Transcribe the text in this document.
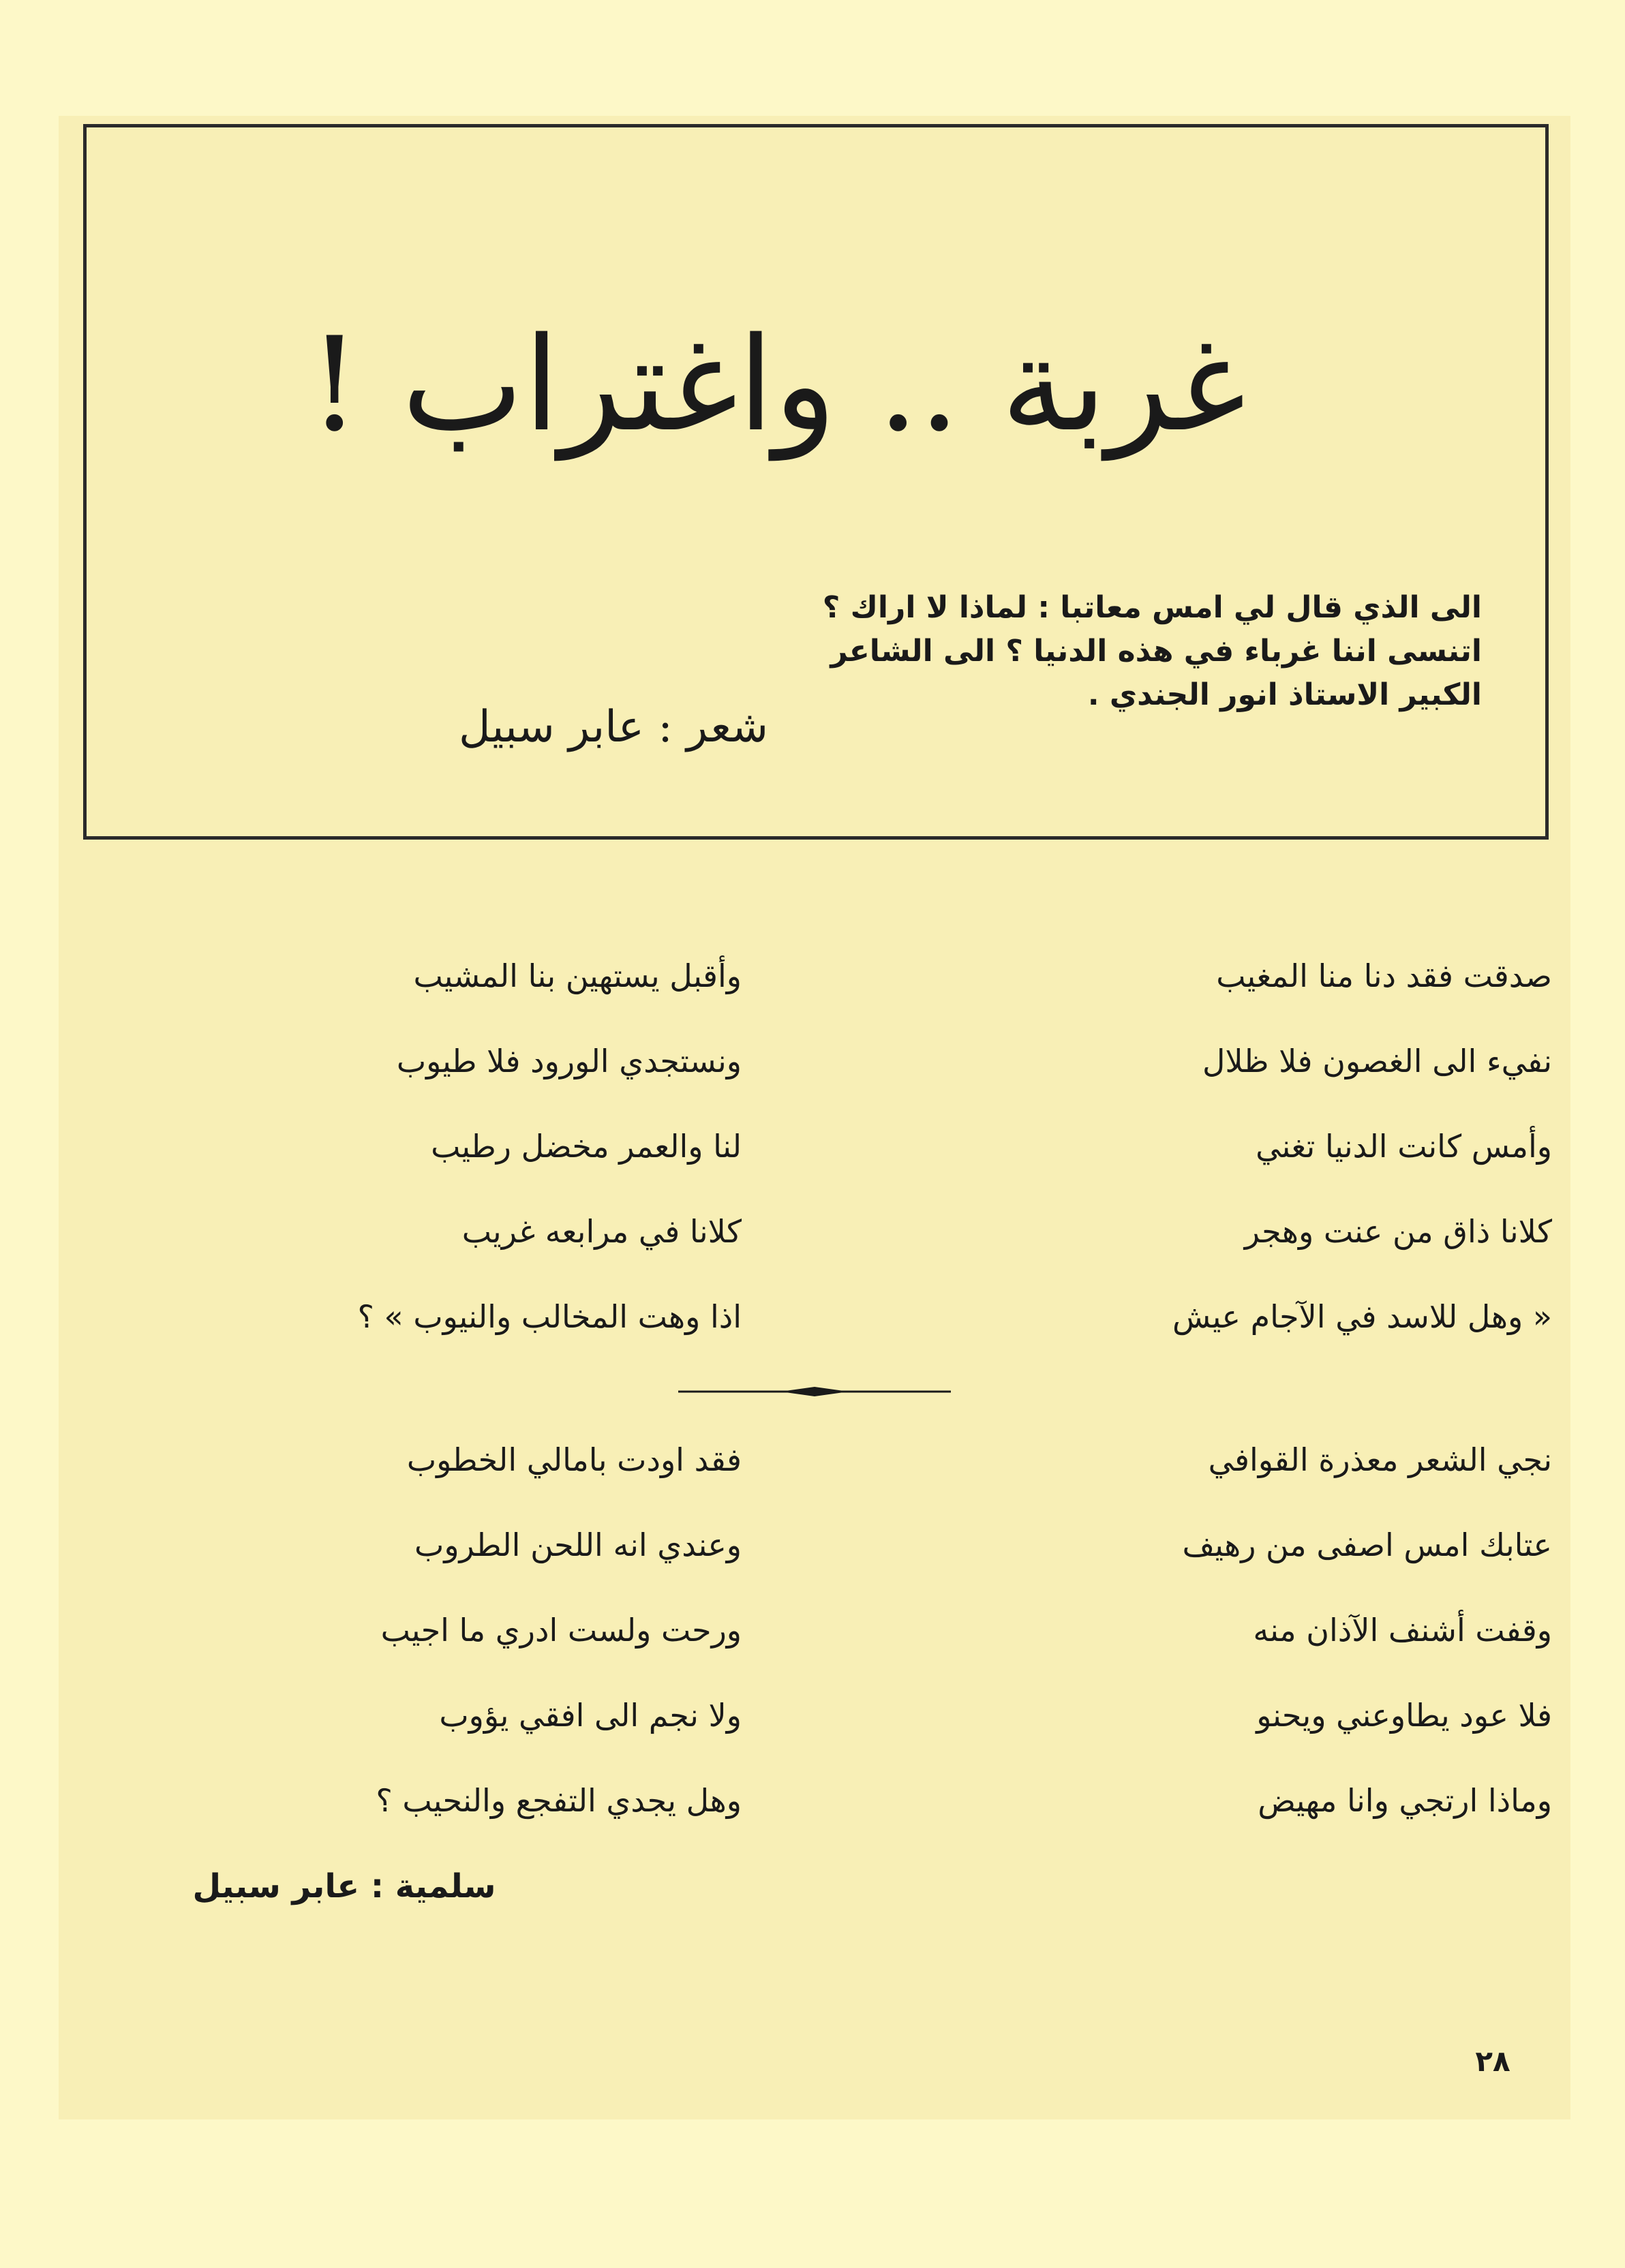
غربة .. واغتراب !
الى الذي قال لي امس معاتبا : لماذا لا اراك ؟
اتنسى اننا غرباء في هذه الدنيا ؟ الى الشاعر
الكبير الاستاذ انور الجندي .
شعر : عابر سبيل
صدقت فقد دنا منا المغيب
نفيء الى الغصون فلا ظلال
وأمس كانت الدنيا تغني
كلانا ذاق من عنت وهجر
« وهل للاسد في الآجام عيش
وأقبل يستهين بنا المشيب
ونستجدي الورود فلا طيوب
لنا والعمر مخضل رطيب
كلانا في مرابعه غريب
اذا وهت المخالب والنيوب » ؟
نجي الشعر معذرة القوافي
عتابك امس اصفى من رهيف
وقفت أشنف الآذان منه
فلا عود يطاوعني ويحنو
وماذا ارتجي وانا مهيض
فقد اودت بامالي الخطوب
وعندي انه اللحن الطروب
ورحت ولست ادري ما اجيب
ولا نجم الى افقي يؤوب
وهل يجدي التفجع والنحيب ؟
سلمية : عابر سبيل
٢٨
